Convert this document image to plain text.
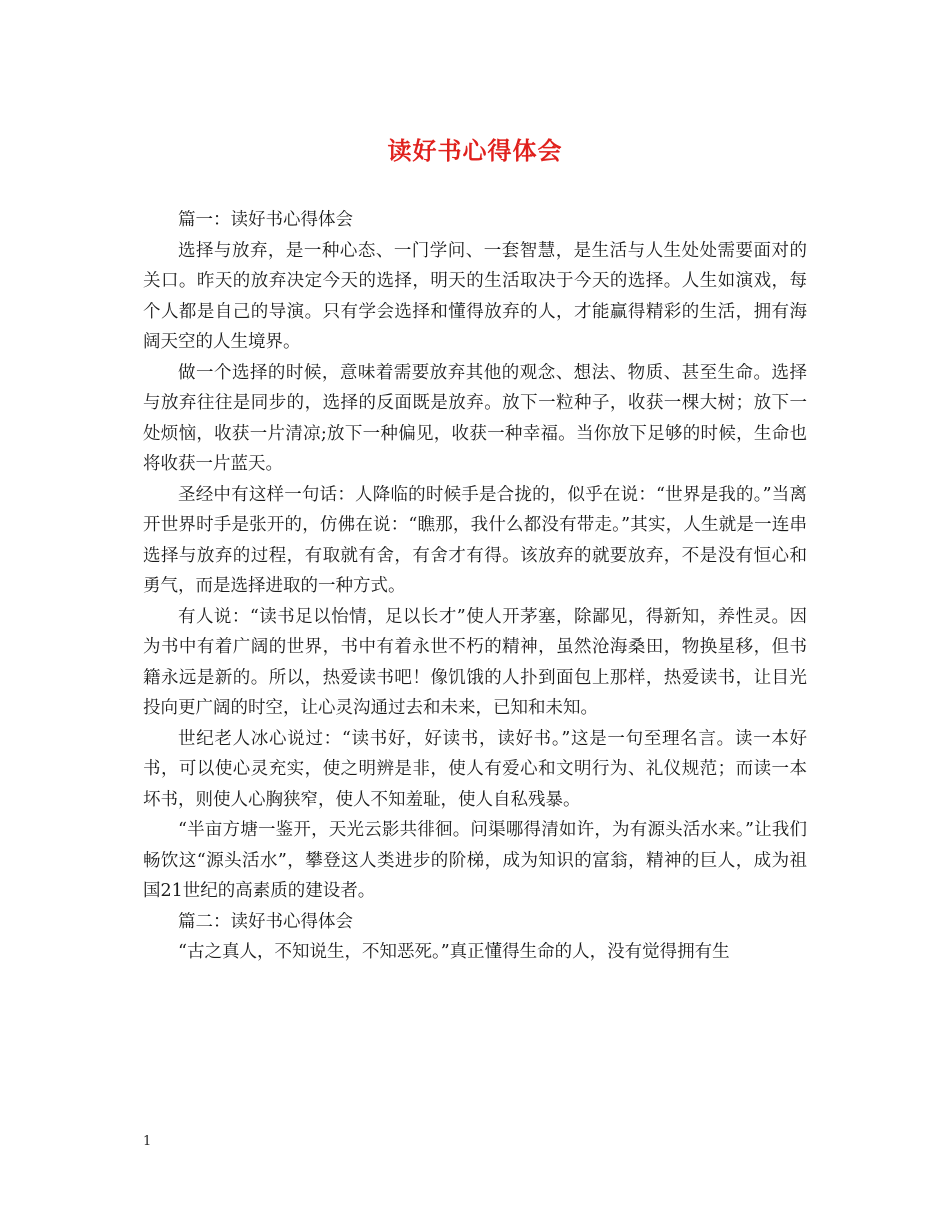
读好书心得体会

篇一：读好书心得体会

选择与放弃，是一种心态、一门学问、一套智慧，是生活与人生处处需要面对的关口。昨天的放弃决定今天的选择，明天的生活取决于今天的选择。人生如演戏，每个人都是自己的导演。只有学会选择和懂得放弃的人，才能赢得精彩的生活，拥有海阔天空的人生境界。

做一个选择的时候，意味着需要放弃其他的观念、想法、物质、甚至生命。选择与放弃往往是同步的，选择的反面既是放弃。放下一粒种子，收获一棵大树；放下一处烦恼，收获一片清凉;放下一种偏见，收获一种幸福。当你放下足够的时候，生命也将收获一片蓝天。

圣经中有这样一句话：人降临的时候手是合拢的，似乎在说：“世界是我的。”当离开世界时手是张开的，仿佛在说：“瞧那，我什么都没有带走。”其实，人生就是一连串选择与放弃的过程，有取就有舍，有舍才有得。该放弃的就要放弃，不是没有恒心和勇气，而是选择进取的一种方式。

有人说：“读书足以怡情，足以长才”使人开茅塞，除鄙见，得新知，养性灵。因为书中有着广阔的世界，书中有着永世不朽的精神，虽然沧海桑田，物换星移，但书籍永远是新的。所以，热爱读书吧！像饥饿的人扑到面包上那样，热爱读书，让目光投向更广阔的时空，让心灵沟通过去和未来，已知和未知。

世纪老人冰心说过：“读书好，好读书，读好书。”这是一句至理名言。读一本好书，可以使心灵充实，使之明辨是非，使人有爱心和文明行为、礼仪规范；而读一本坏书，则使人心胸狭窄，使人不知羞耻，使人自私残暴。

“半亩方塘一鉴开，天光云影共徘徊。问渠哪得清如许，为有源头活水来。”让我们畅饮这“源头活水”，攀登这人类进步的阶梯，成为知识的富翁，精神的巨人，成为祖国21世纪的高素质的建设者。

篇二：读好书心得体会

“古之真人，不知说生，不知恶死。”真正懂得生命的人，没有觉得拥有生

1
